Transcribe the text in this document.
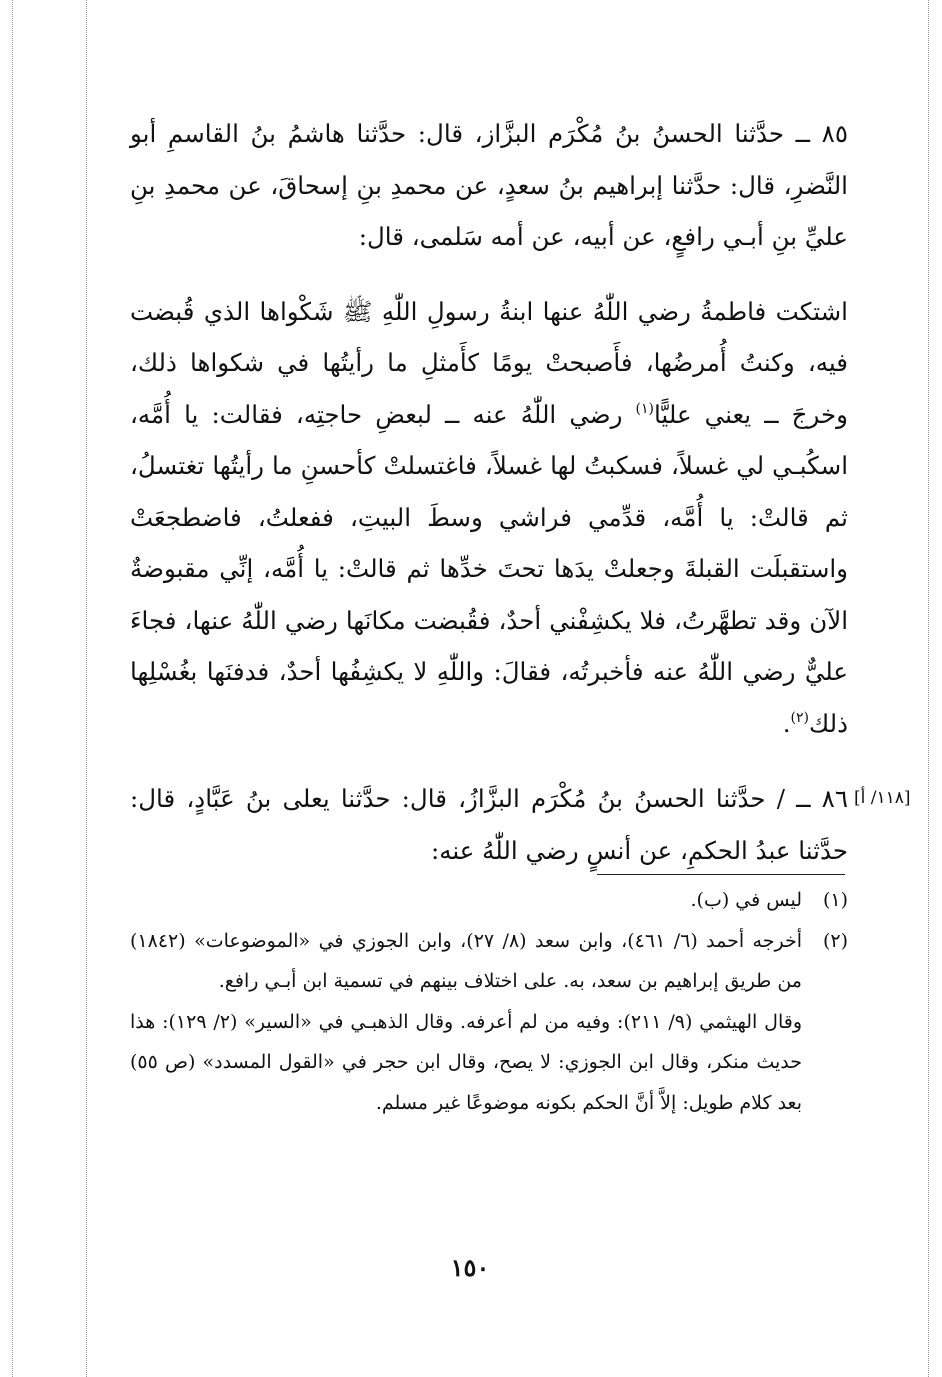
٨٥ ــ حدَّثنا الحسنُ بنُ مُكْرَم البزَّاز، قال: حدَّثنا هاشمُ بنُ القاسمِ أبو النَّضرِ، قال: حدَّثنا إبراهيم بنُ سعدٍ، عن محمدِ بنِ إسحاقَ، عن محمدِ بنِ عليِّ بنِ أبـي رافعٍ، عن أبيه، عن أمه سَلمى، قال:

اشتكت فاطمةُ رضي اللّٰهُ عنها ابنةُ رسولِ اللّٰهِ ﷺ شَكْواها الذي قُبضت فيه، وكنتُ أُمرضُها، فأَصبحتْ يومًا كأَمثلِ ما رأيتُها في شكواها ذلك، وخرجَ ــ يعني عليًّا$^{(١)}$ رضي اللّٰهُ عنه ــ لبعضِ حاجتِه، فقالت: يا أُمَّه، اسكُبـي لي غسلاً، فسكبتُ لها غسلاً، فاغتسلتْ كأحسنِ ما رأيتُها تغتسلُ، ثم قالتْ: يا أُمَّه، قدِّمي فراشي وسطَ البيتِ، ففعلتُ، فاضطجعَتْ واستقبلَت القبلةَ وجعلتْ يدَها تحتَ خدِّها ثم قالتْ: يا أُمَّه، إنِّي مقبوضةٌ الآن وقد تطهَّرتُ، فلا يكشِفْني أحدٌ، فقُبضت مكانَها رضي اللّٰهُ عنها، فجاءَ عليٌّ رضي اللّٰهُ عنه فأخبرتُه، فقالَ: واللّٰهِ لا يكشِفُها أحدٌ، فدفنَها بغُسْلِها ذلك$^{(٢)}$.

[١١٨/ أ]

٨٦ ــ / حدَّثنا الحسنُ بنُ مُكْرَم البزَّازُ، قال: حدَّثنا يعلى بنُ عَبَّادٍ، قال: حدَّثنا عبدُ الحكمِ، عن أنسٍ رضي اللّٰهُ عنه:

(١)
ليس في (ب).

(٢)
أخرجه أحمد (٦/ ٤٦١)، وابن سعد (٨/ ٢٧)، وابن الجوزي في «الموضوعات» (١٨٤٢) من طريق إبراهيم بن سعد، به. على اختلاف بينهم في تسمية ابن أبـي رافع.

وقال الهيثمي (٩/ ٢١١): وفيه من لم أعرفه. وقال الذهبـي في «السير» (٢/ ١٢٩): هذا حديث منكر، وقال ابن الجوزي: لا يصح، وقال ابن حجر في «القول المسدد» (ص ٥٥) بعد كلام طويل: إلاَّ أنَّ الحكم بكونه موضوعًا غير مسلم.

١٥٠
